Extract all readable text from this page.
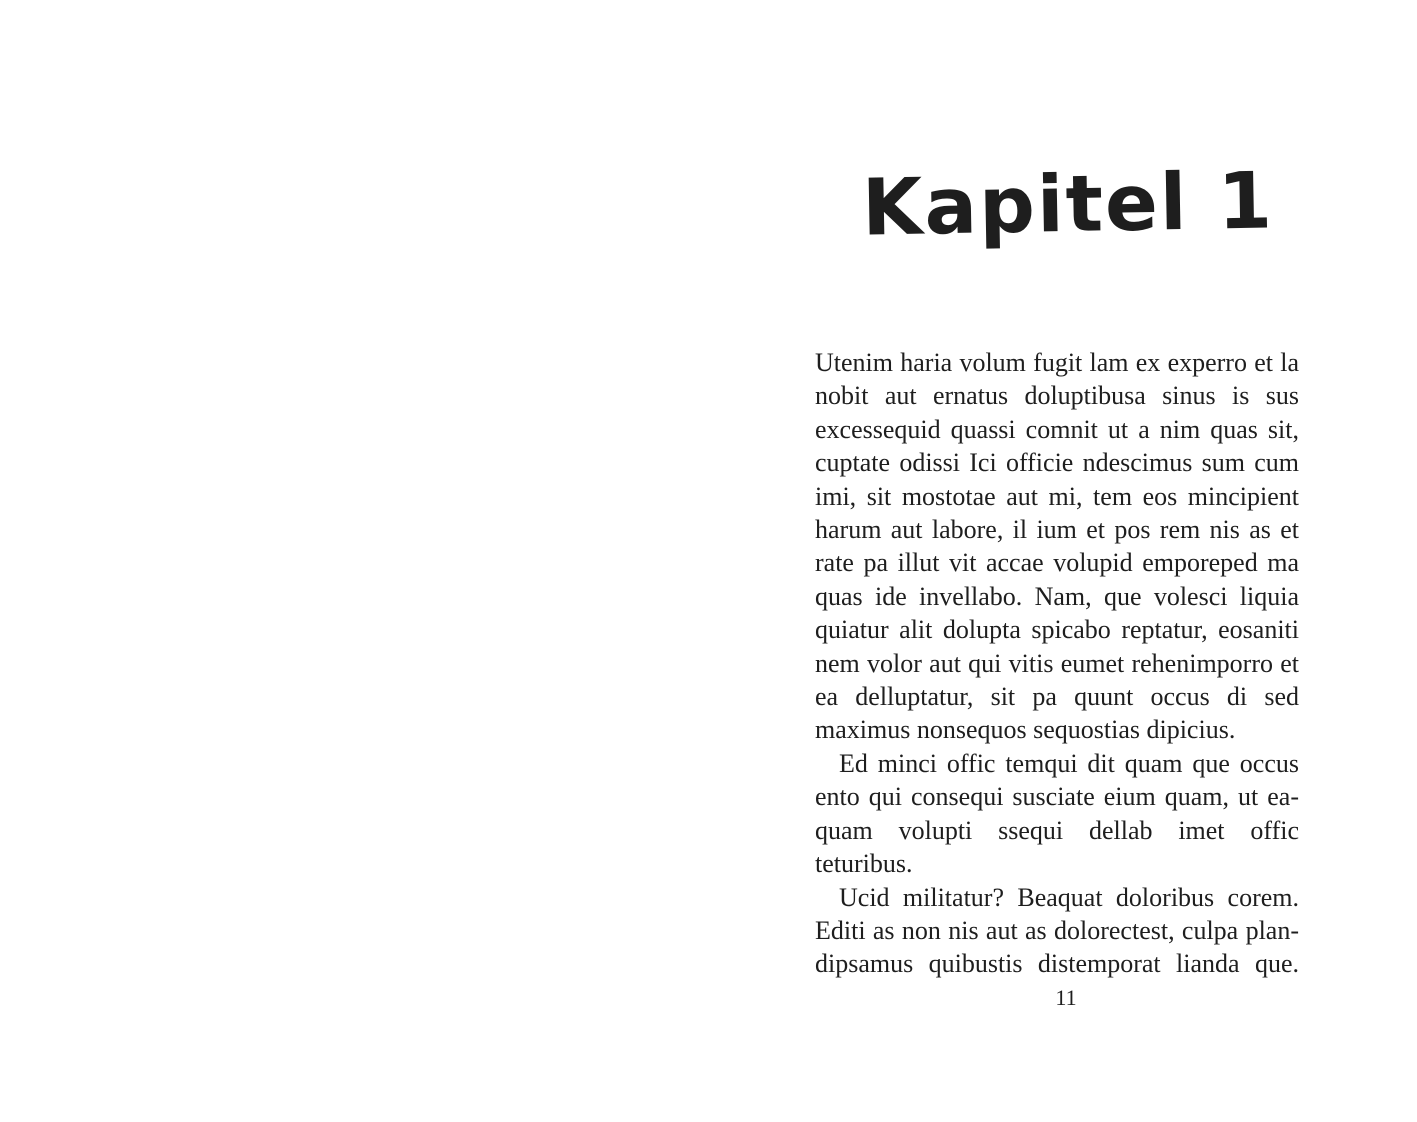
Kapitel 1

Utenim haria volum fugit lam ex experro et la nobit aut ernatus doluptibusa sinus is sus excessequid quassi comnit ut a nim quas sit, cuptate odissi Ici officie ndescimus sum cum imi, sit mostotae aut mi, tem eos mincipient harum aut labore, il ium et pos rem nis as et rate pa illut vit accae volupid emporeped ma quas ide invellabo. Nam, que volesci liquia quiatur alit dolupta spicabo reptatur, eosaniti nem volor aut qui vitis eumet rehenimporro et ea delluptatur, sit pa quunt occus di sed maximus nonsequos sequostias dipicius.

Ed minci offic temqui dit quam que occus ento qui consequi susciate eium quam, ut ea-quam volupti ssequi dellab imet offic teturibus.

Ucid militatur? Beaquat doloribus corem. Editi as non nis aut as dolorectest, culpa plan-dipsamus quibustis distemporat lianda que.

11
